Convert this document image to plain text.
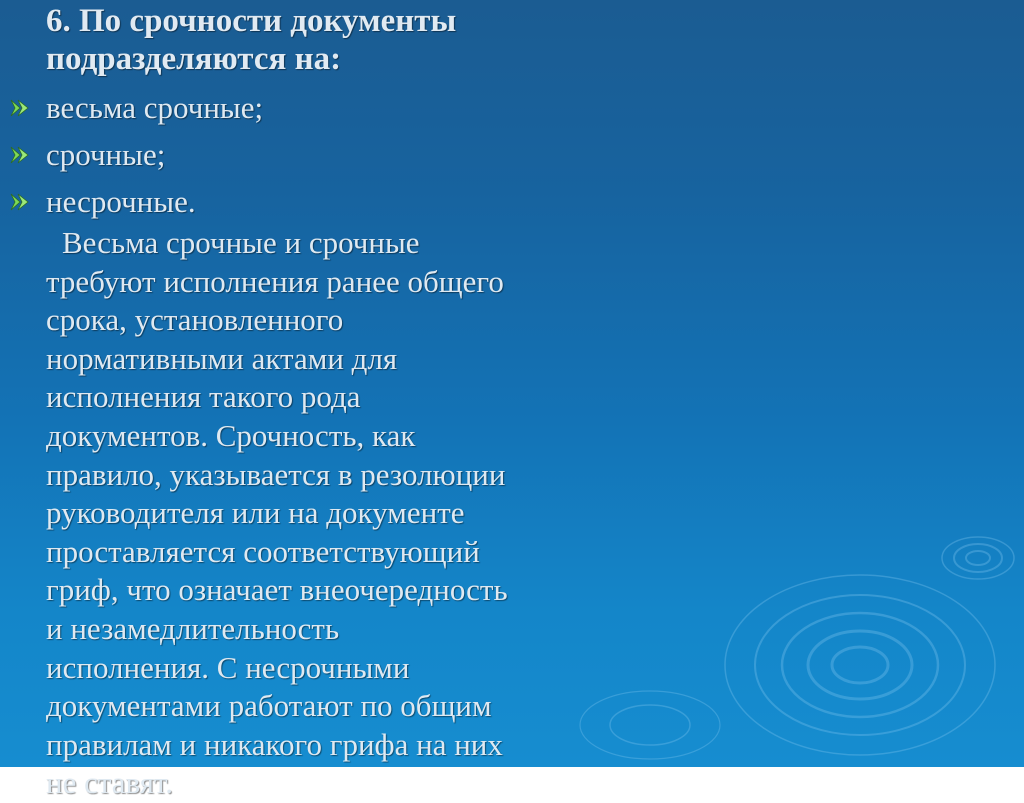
6. По срочности документы
подразделяются на:
весьма срочные;
срочные;
несрочные.
Весьма срочные и срочные
требуют исполнения ранее общего
срока, установленного
нормативными актами для
исполнения такого рода
документов. Срочность, как
правило, указывается в резолюции
руководителя или на документе
проставляется соответствующий
гриф, что означает внеочередность
и незамедлительность
исполнения. С несрочными
документами работают по общим
правилам и никакого грифа на них
не ставят.
